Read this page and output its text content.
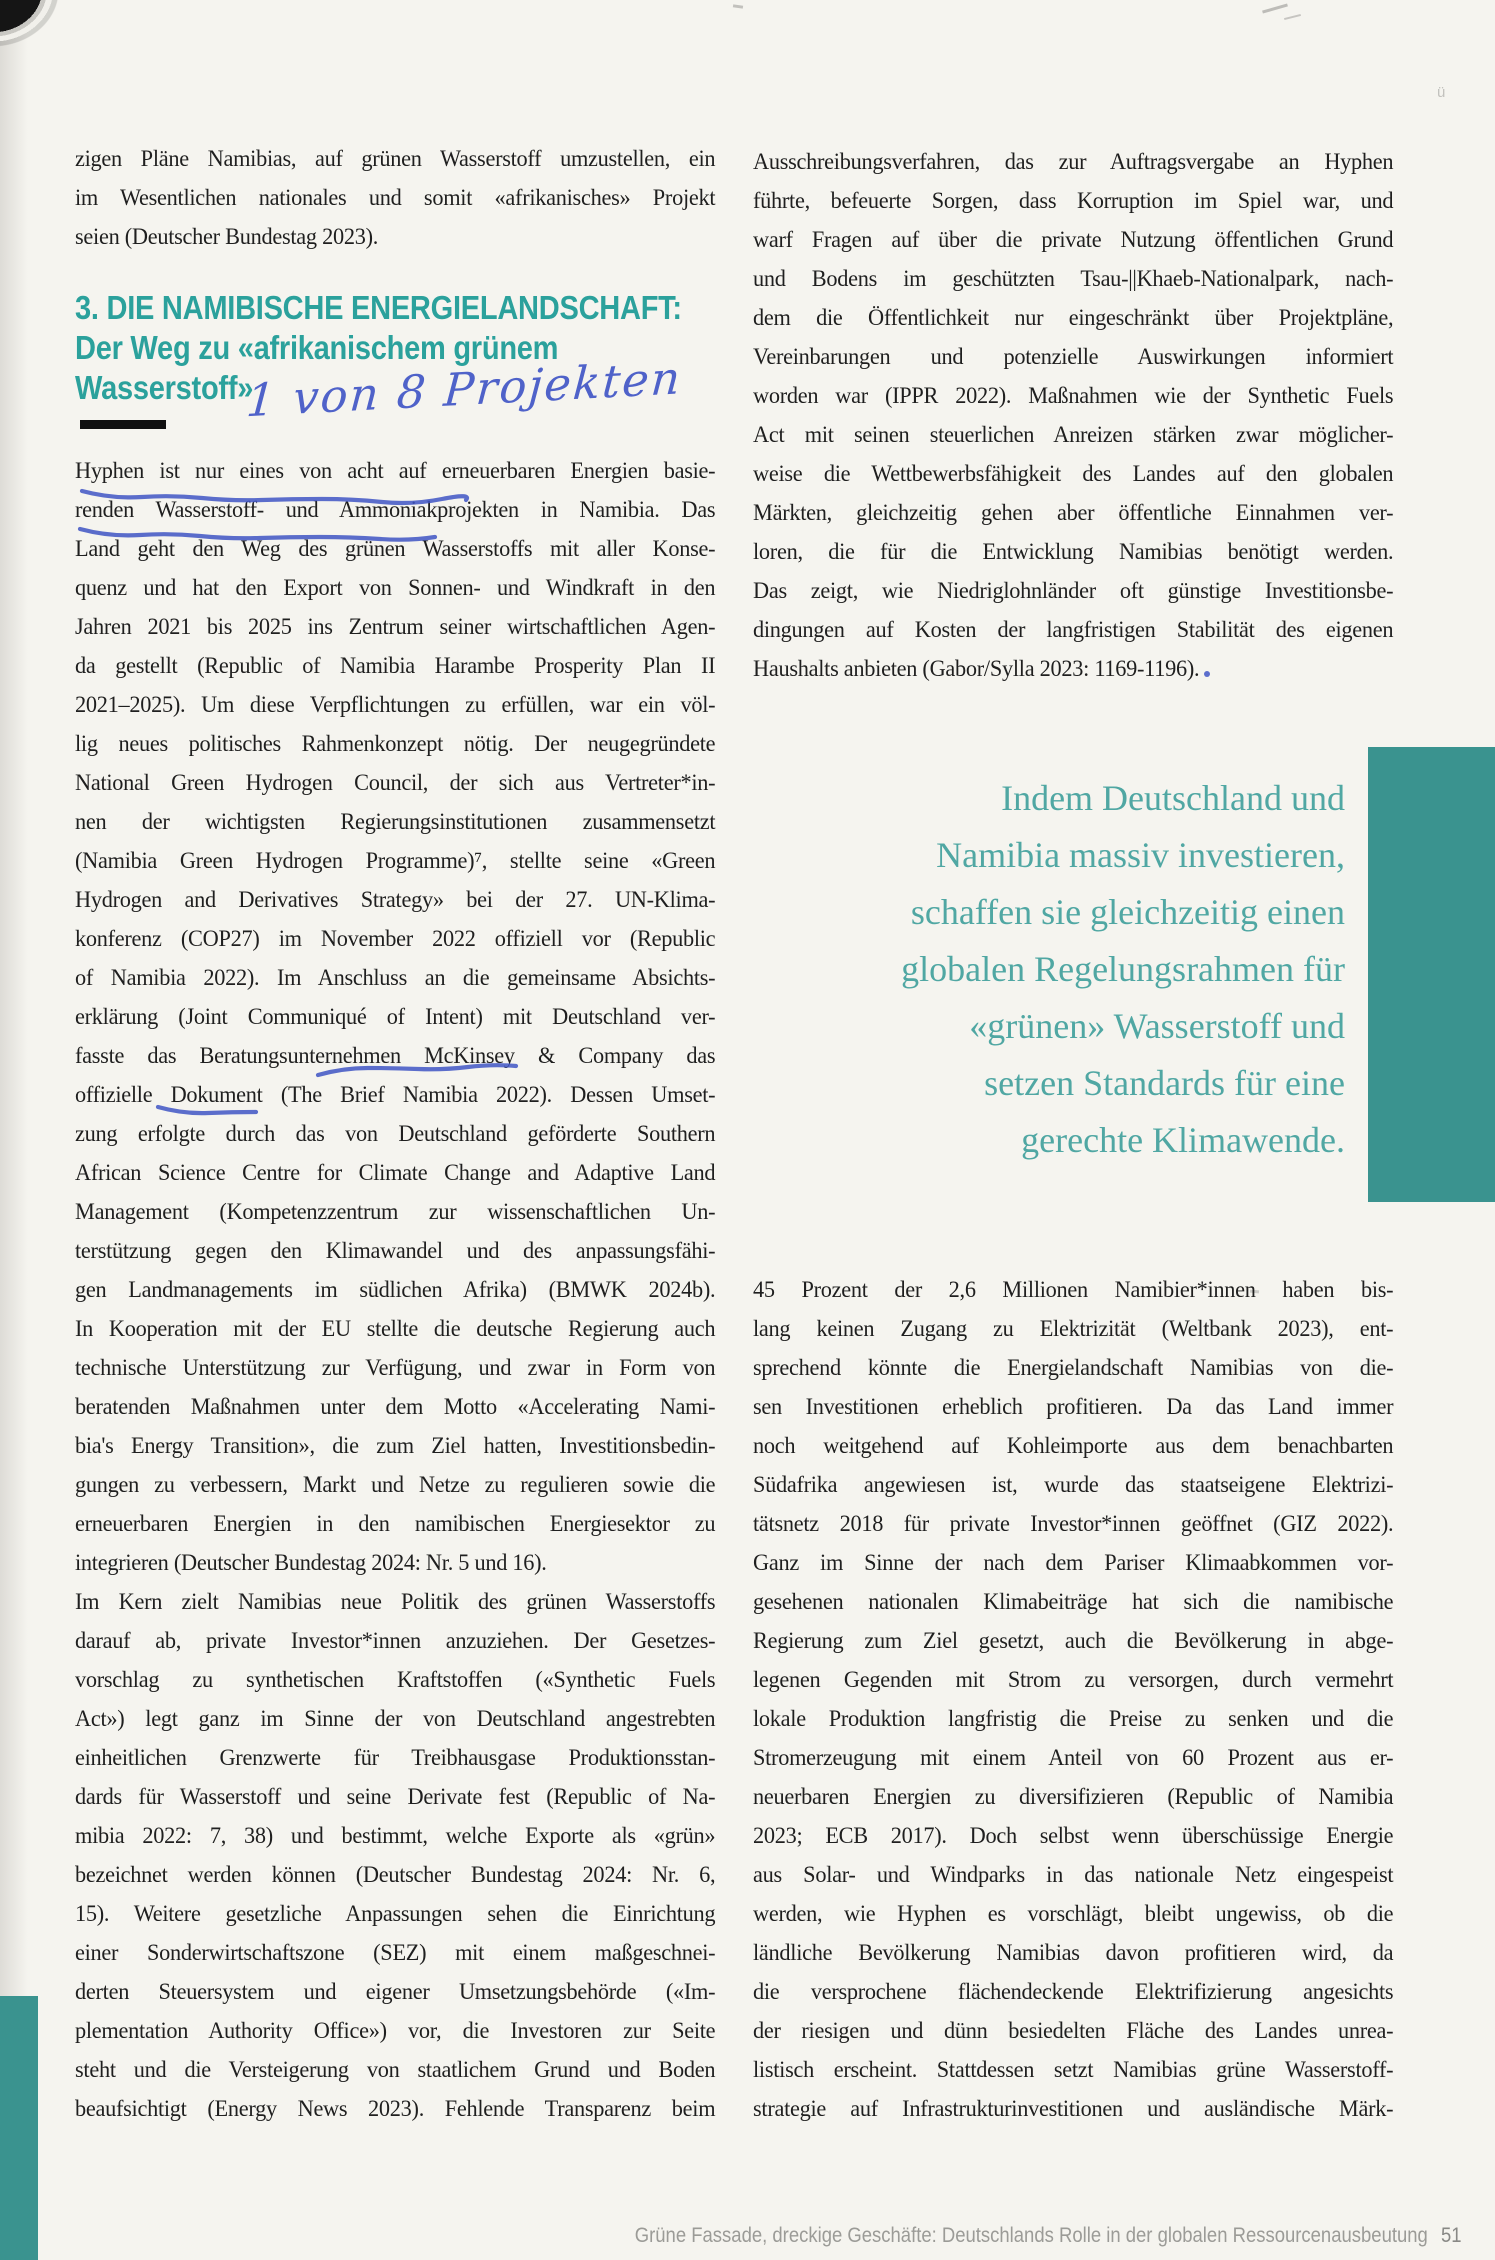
ü
zigen Pläne Namibias, auf grünen Wasserstoff umzustellen, ein
im Wesentlichen nationales und somit «afrikanisches» Projekt
seien (Deutscher Bundestag 2023).
3. DIE NAMIBISCHE ENERGIELANDSCHAFT:
Der Weg zu «afrikanischem grünem
Wasserstoff»
1 von 8 Projekten
Hyphen ist nur eines von acht auf erneuerbaren Energien basie-
renden Wasserstoff- und Ammoniakprojekten in Namibia. Das
Land geht den Weg des grünen Wasserstoffs mit aller Konse-
quenz und hat den Export von Sonnen- und Windkraft in den
Jahren 2021 bis 2025 ins Zentrum seiner wirtschaftlichen Agen-
da gestellt (Republic of Namibia Harambe Prosperity Plan II
2021–2025). Um diese Verpflichtungen zu erfüllen, war ein völ-
lig neues politisches Rahmenkonzept nötig. Der neugegründete
National Green Hydrogen Council, der sich aus Vertreter*in-
nen der wichtigsten Regierungsinstitutionen zusammensetzt
(Namibia Green Hydrogen Programme)⁷, stellte seine «Green
Hydrogen and Derivatives Strategy» bei der 27. UN-Klima-
konferenz (COP27) im November 2022 offiziell vor (Republic
of Namibia 2022). Im Anschluss an die gemeinsame Absichts-
erklärung (Joint Communiqué of Intent) mit Deutschland ver-
fasste das Beratungsunternehmen McKinsey & Company das
offizielle Dokument (The Brief Namibia 2022). Dessen Umset-
zung erfolgte durch das von Deutschland geförderte Southern
African Science Centre for Climate Change and Adaptive Land
Management (Kompetenzzentrum zur wissenschaftlichen Un-
terstützung gegen den Klimawandel und des anpassungsfähi-
gen Landmanagements im südlichen Afrika) (BMWK 2024b).
In Kooperation mit der EU stellte die deutsche Regierung auch
technische Unterstützung zur Verfügung, und zwar in Form von
beratenden Maßnahmen unter dem Motto «Accelerating Nami-
bia's Energy Transition», die zum Ziel hatten, Investitionsbedin-
gungen zu verbessern, Markt und Netze zu regulieren sowie die
erneuerbaren Energien in den namibischen Energiesektor zu
integrieren (Deutscher Bundestag 2024: Nr. 5 und 16).
Im Kern zielt Namibias neue Politik des grünen Wasserstoffs
darauf ab, private Investor*innen anzuziehen. Der Gesetzes-
vorschlag zu synthetischen Kraftstoffen («Synthetic Fuels
Act») legt ganz im Sinne der von Deutschland angestrebten
einheitlichen Grenzwerte für Treibhausgase Produktionsstan-
dards für Wasserstoff und seine Derivate fest (Republic of Na-
mibia 2022: 7, 38) und bestimmt, welche Exporte als «grün»
bezeichnet werden können (Deutscher Bundestag 2024: Nr. 6,
15). Weitere gesetzliche Anpassungen sehen die Einrichtung
einer Sonderwirtschaftszone (SEZ) mit einem maßgeschnei-
derten Steuersystem und eigener Umsetzungsbehörde («Im-
plementation Authority Office») vor, die Investoren zur Seite
steht und die Versteigerung von staatlichem Grund und Boden
beaufsichtigt (Energy News 2023). Fehlende Transparenz beim
Ausschreibungsverfahren, das zur Auftragsvergabe an Hyphen
führte, befeuerte Sorgen, dass Korruption im Spiel war, und
warf Fragen auf über die private Nutzung öffentlichen Grund
und Bodens im geschützten Tsau-||Khaeb-Nationalpark, nach-
dem die Öffentlichkeit nur eingeschränkt über Projektpläne,
Vereinbarungen und potenzielle Auswirkungen informiert
worden war (IPPR 2022). Maßnahmen wie der Synthetic Fuels
Act mit seinen steuerlichen Anreizen stärken zwar möglicher-
weise die Wettbewerbsfähigkeit des Landes auf den globalen
Märkten, gleichzeitig gehen aber öffentliche Einnahmen ver-
loren, die für die Entwicklung Namibias benötigt werden.
Das zeigt, wie Niedriglohnländer oft günstige Investitionsbe-
dingungen auf Kosten der langfristigen Stabilität des eigenen
Haushalts anbieten (Gabor/Sylla 2023: 1169-1196).
Indem Deutschland und
Namibia massiv investieren,
schaffen sie gleichzeitig einen
globalen Regelungsrahmen für
«grünen» Wasserstoff und
setzen Standards für eine
gerechte Klimawende.
45 Prozent der 2,6 Millionen Namibier*innen haben bis-
lang keinen Zugang zu Elektrizität (Weltbank 2023), ent-
sprechend könnte die Energielandschaft Namibias von die-
sen Investitionen erheblich profitieren. Da das Land immer
noch weitgehend auf Kohleimporte aus dem benachbarten
Südafrika angewiesen ist, wurde das staatseigene Elektrizi-
tätsnetz 2018 für private Investor*innen geöffnet (GIZ 2022).
Ganz im Sinne der nach dem Pariser Klimaabkommen vor-
gesehenen nationalen Klimabeiträge hat sich die namibische
Regierung zum Ziel gesetzt, auch die Bevölkerung in abge-
legenen Gegenden mit Strom zu versorgen, durch vermehrt
lokale Produktion langfristig die Preise zu senken und die
Stromerzeugung mit einem Anteil von 60 Prozent aus er-
neuerbaren Energien zu diversifizieren (Republic of Namibia
2023; ECB 2017). Doch selbst wenn überschüssige Energie
aus Solar- und Windparks in das nationale Netz eingespeist
werden, wie Hyphen es vorschlägt, bleibt ungewiss, ob die
ländliche Bevölkerung Namibias davon profitieren wird, da
die versprochene flächendeckende Elektrifizierung angesichts
der riesigen und dünn besiedelten Fläche des Landes unrea-
listisch erscheint. Stattdessen setzt Namibias grüne Wasserstoff-
strategie auf Infrastrukturinvestitionen und ausländische Märk-
Grüne Fassade, dreckige Geschäfte: Deutschlands Rolle in der globalen Ressourcenausbeutung 51
